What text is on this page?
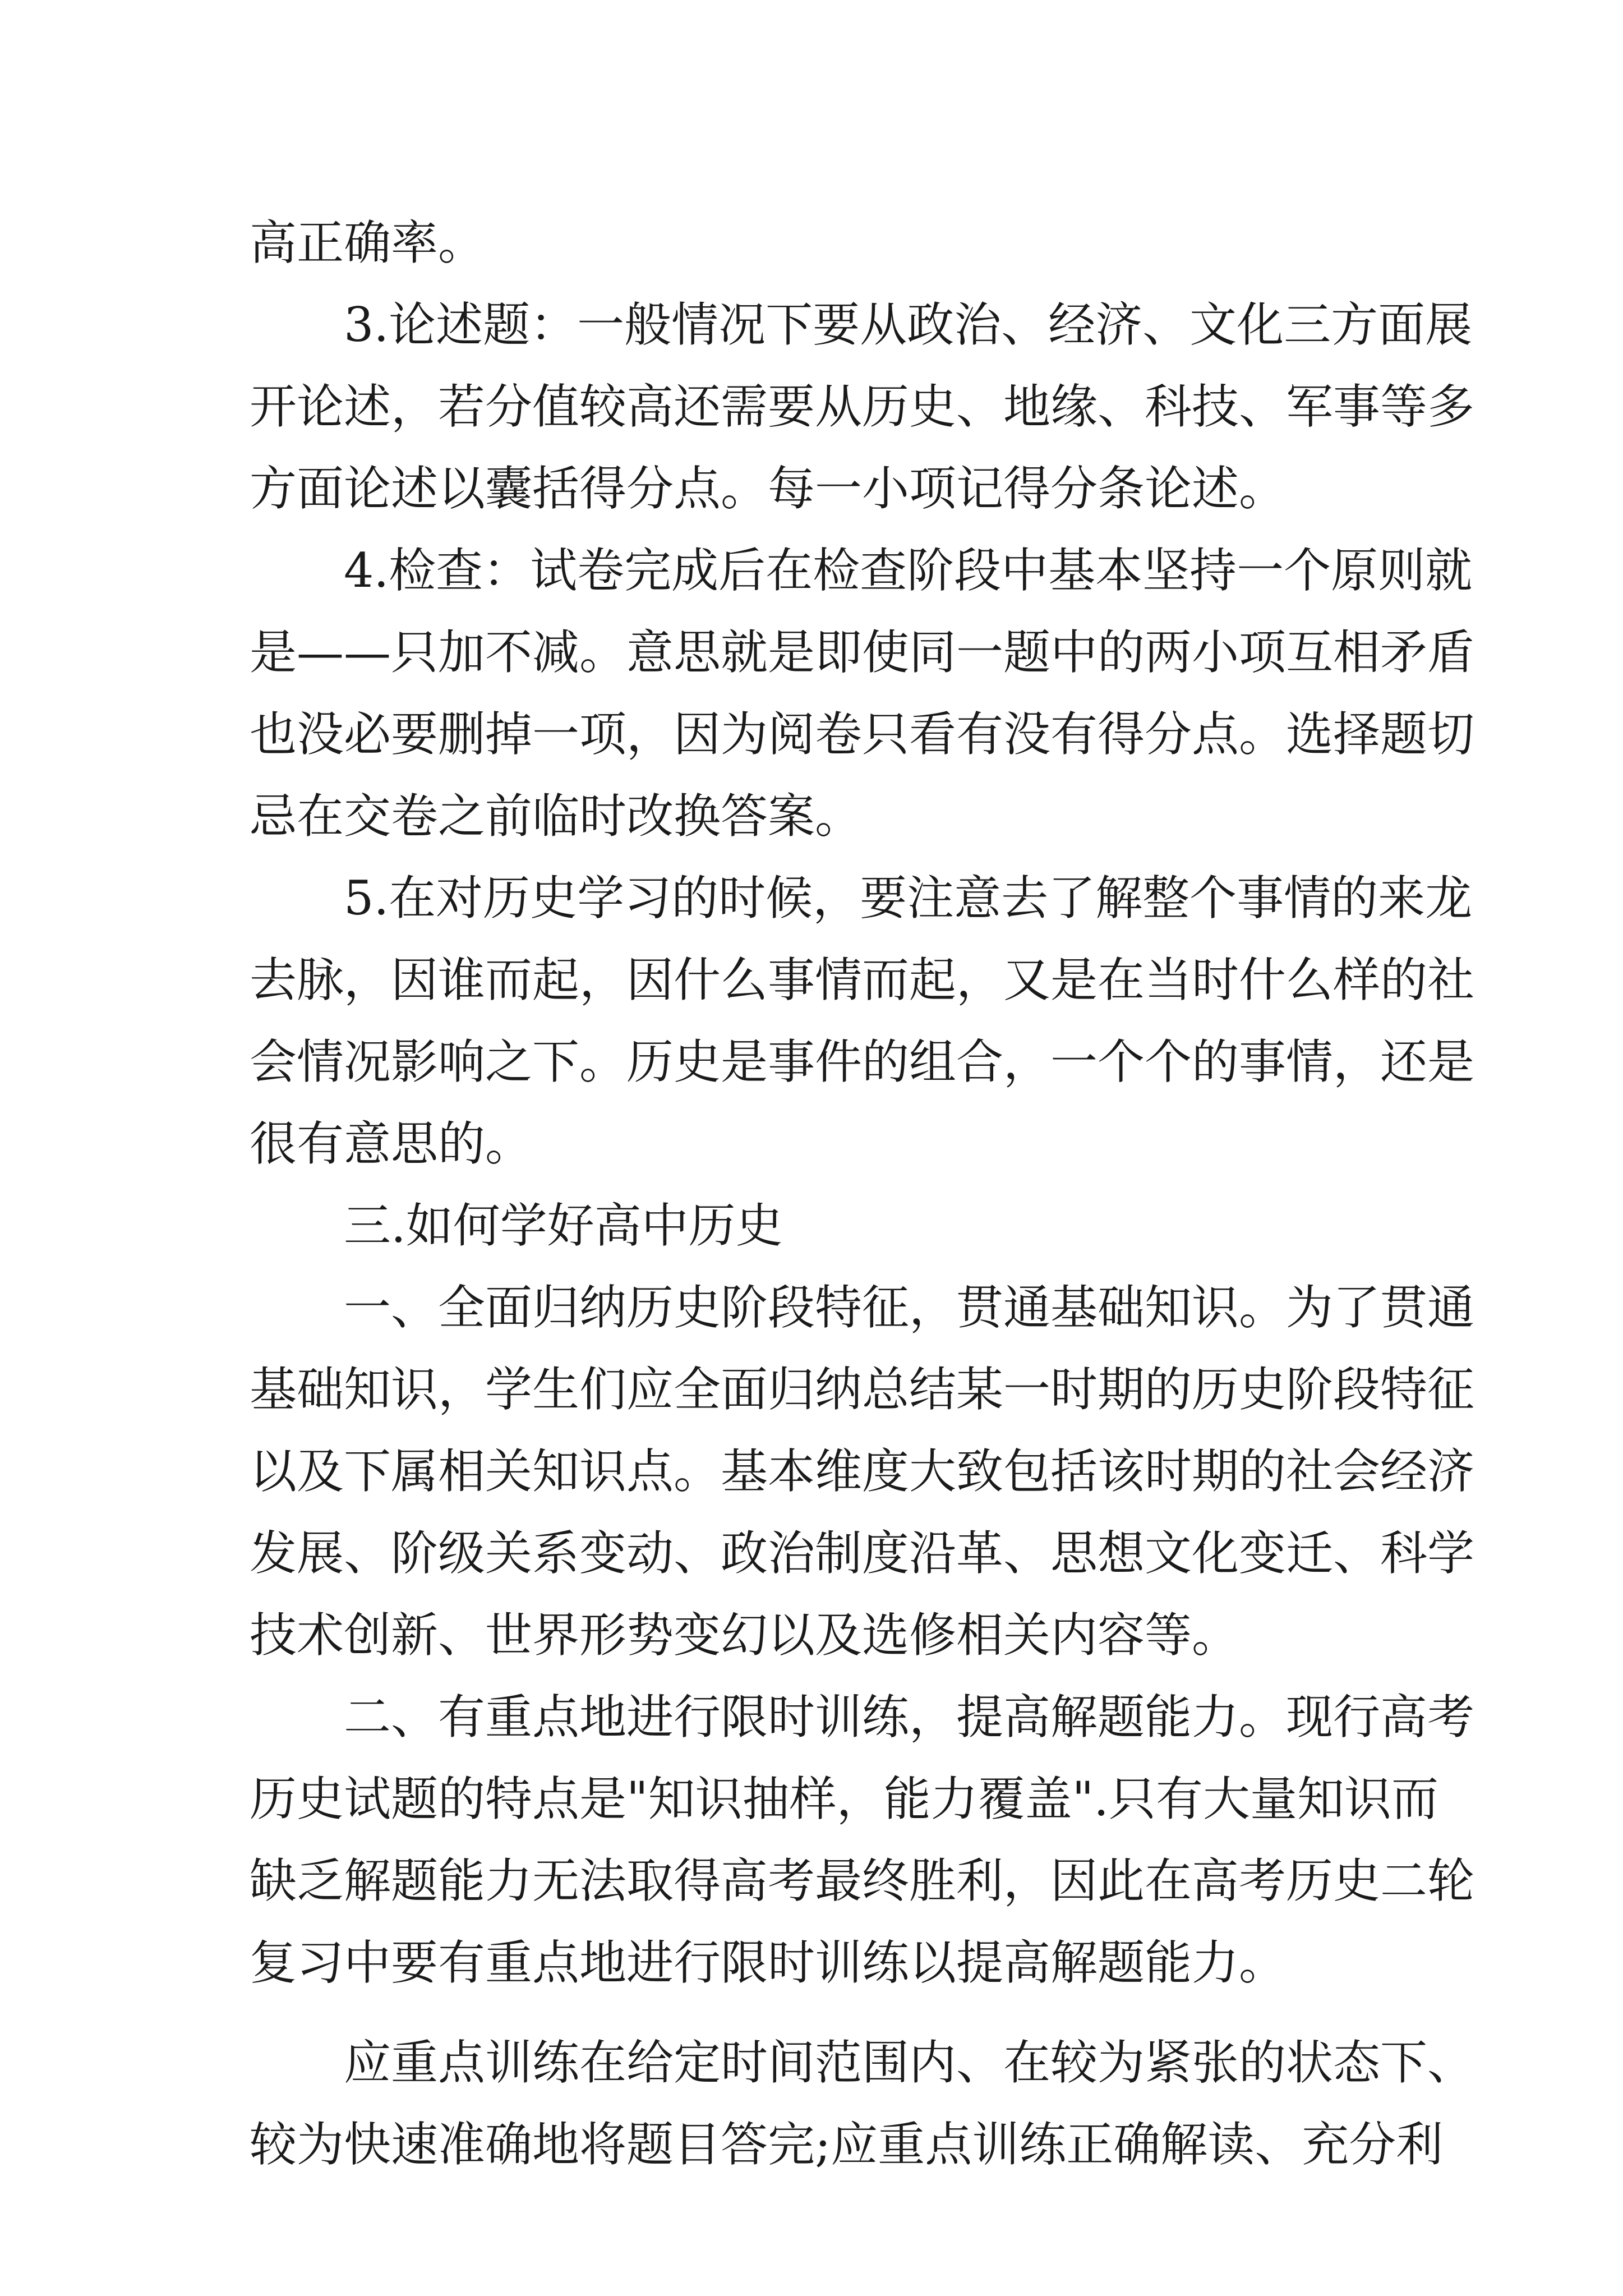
高正确率。
3.论述题：一般情况下要从政治、经济、文化三方面展
开论述，若分值较高还需要从历史、地缘、科技、军事等多
方面论述以囊括得分点。每一小项记得分条论述。
4.检查：试卷完成后在检查阶段中基本坚持一个原则就
是——只加不减。意思就是即使同一题中的两小项互相矛盾
也没必要删掉一项，因为阅卷只看有没有得分点。选择题切
忌在交卷之前临时改换答案。
5.在对历史学习的时候，要注意去了解整个事情的来龙
去脉，因谁而起，因什么事情而起，又是在当时什么样的社
会情况影响之下。历史是事件的组合，一个个的事情，还是
很有意思的。
三.如何学好高中历史
一、全面归纳历史阶段特征，贯通基础知识。为了贯通
基础知识，学生们应全面归纳总结某一时期的历史阶段特征
以及下属相关知识点。基本维度大致包括该时期的社会经济
发展、阶级关系变动、政治制度沿革、思想文化变迁、科学
技术创新、世界形势变幻以及选修相关内容等。
二、有重点地进行限时训练，提高解题能力。现行高考
历史试题的特点是"知识抽样，能力覆盖".只有大量知识而
缺乏解题能力无法取得高考最终胜利，因此在高考历史二轮
复习中要有重点地进行限时训练以提高解题能力。
应重点训练在给定时间范围内、在较为紧张的状态下、
较为快速准确地将题目答完;应重点训练正确解读、充分利
